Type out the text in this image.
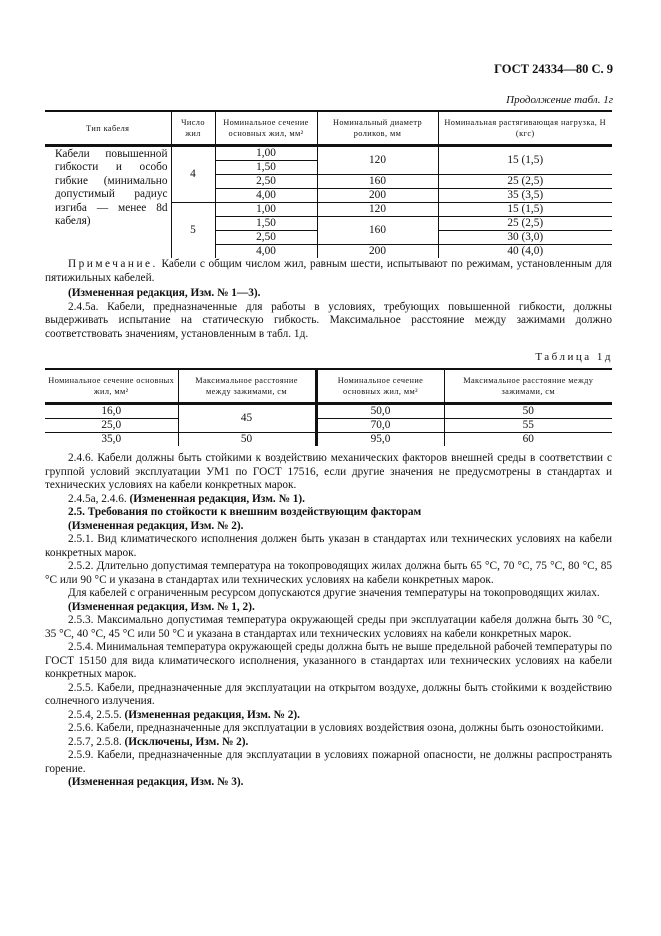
ГОСТ 24334—80 С. 9
Продолжение табл. 1г
Тип кабеля	Число жил	Номинальное сечение основных жил, мм²	Номинальный диаметр роликов, мм	Номинальная растягивающая нагрузка, Н (кгс)
Кабели повышенной гибкости и особо гибкие (минимально допустимый радиус изгиба — менее 8d кабеля)	4	1,00	120	15 (1,5)
		1,50		
		2,50	160	25 (2,5)
		4,00	200	35 (3,5)
	5	1,00	120	15 (1,5)
		1,50	160	25 (2,5)
		2,50		30 (3,0)
		4,00	200	40 (4,0)
Примечание. Кабели с общим числом жил, равным шести, испытывают по режимам, установленным для пятижильных кабелей.

(Измененная редакция, Изм. № 1—3).

2.4.5а. Кабели, предназначенные для работы в условиях, требующих повышенной гибкости, должны выдерживать испытание на статическую гибкость. Максимальное расстояние между зажимами должно соответствовать значениям, установленным в табл. 1д.

Таблица 1д
Номинальное сечение основных жил, мм²	Максимальное расстояние между зажимами, см	Номинальное сечение основных жил, мм²	Максимальное расстояние между зажимами, см
16,0	45	50,0	50
25,0		70,0	55
35,0	50	95,0	60

2.4.6. Кабели должны быть стойкими к воздействию механических факторов внешней среды в соответствии с группой условий эксплуатации УМ1 по ГОСТ 17516, если другие значения не предусмотрены в стандартах и технических условиях на кабели конкретных марок.

2.4.5а, 2.4.6. (Измененная редакция, Изм. № 1).

2.5. Требования по стойкости к внешним воздействующим факторам

(Измененная редакция, Изм. № 2).

2.5.1. Вид климатического исполнения должен быть указан в стандартах или технических условиях на кабели конкретных марок.

2.5.2. Длительно допустимая температура на токопроводящих жилах должна быть 65 °С, 70 °С, 75 °С, 80 °С, 85 °С или 90 °С и указана в стандартах или технических условиях на кабели конкретных марок.

Для кабелей с ограниченным ресурсом допускаются другие значения температуры на токопроводящих жилах.

(Измененная редакция, Изм. № 1, 2).

2.5.3. Максимально допустимая температура окружающей среды при эксплуатации кабеля должна быть 30 °С, 35 °С, 40 °С, 45 °С или 50 °С и указана в стандартах или технических условиях на кабели конкретных марок.

2.5.4. Минимальная температура окружающей среды должна быть не выше предельной рабочей температуры по ГОСТ 15150 для вида климатического исполнения, указанного в стандартах или технических условиях на кабели конкретных марок.

2.5.5. Кабели, предназначенные для эксплуатации на открытом воздухе, должны быть стойкими к воздействию солнечного излучения.

2.5.4, 2.5.5. (Измененная редакция, Изм. № 2).

2.5.6. Кабели, предназначенные для эксплуатации в условиях воздействия озона, должны быть озоностойкими.

2.5.7, 2.5.8. (Исключены, Изм. № 2).

2.5.9. Кабели, предназначенные для эксплуатации в условиях пожарной опасности, не должны распространять горение.

(Измененная редакция, Изм. № 3).
